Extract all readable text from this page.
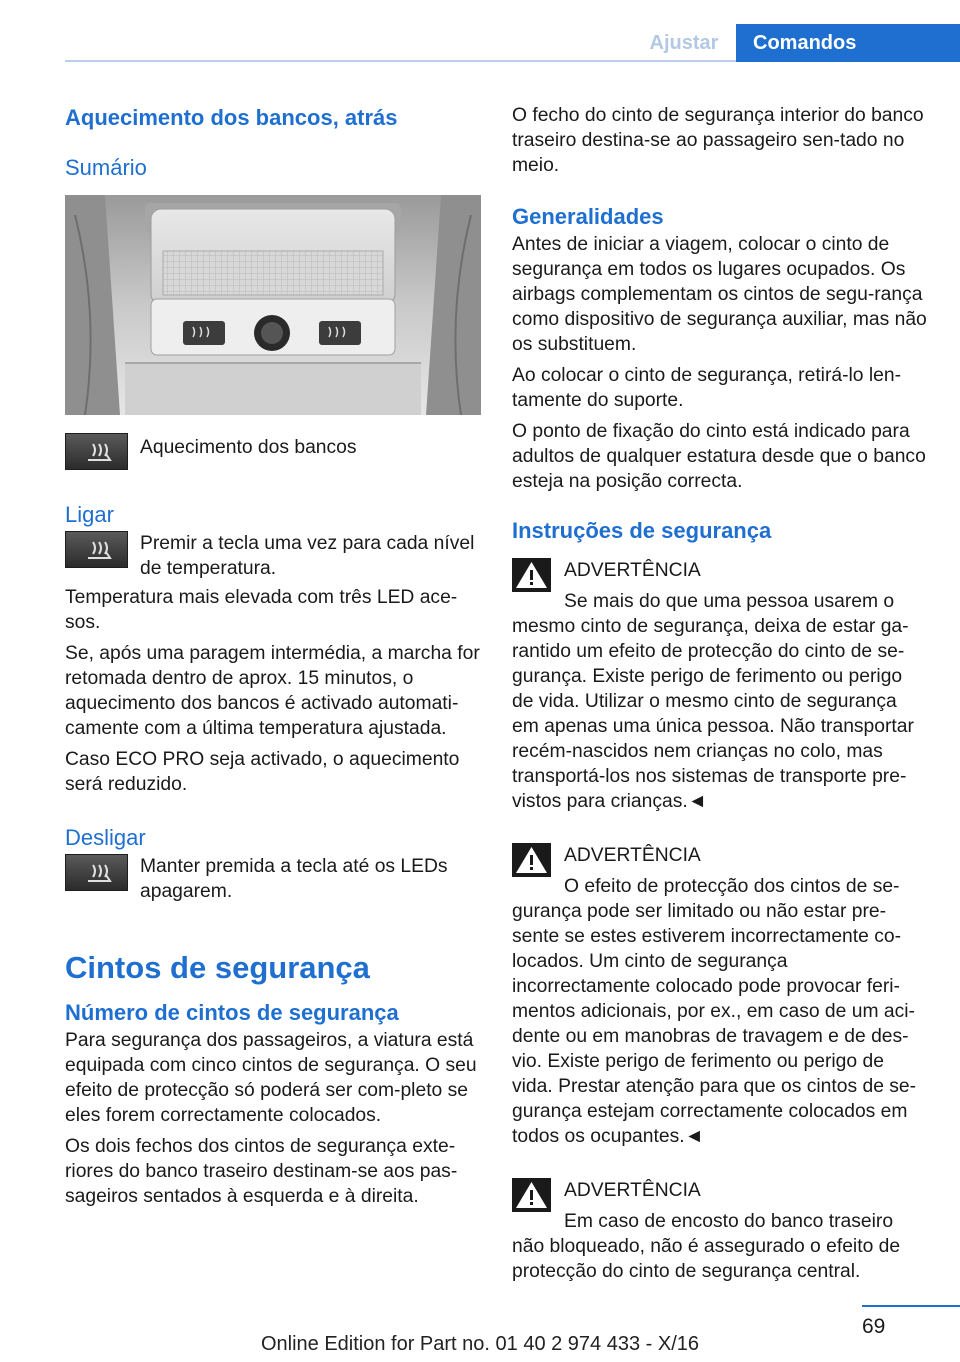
Ajustar	Comandos
Aquecimento dos bancos, atrás
Sumário

Aquecimento dos bancos

Ligar

Premir a tecla uma vez para cada nível de temperatura.

Temperatura mais elevada com três LED ace-sos.

Se, após uma paragem intermédia, a marcha for retomada dentro de aprox. 15 minutos, o aquecimento dos bancos é activado automati-camente com a última temperatura ajustada.

Caso ECO PRO seja activado, o aquecimento será reduzido.

Desligar

Manter premida a tecla até os LEDs apagarem.

Cintos de segurança
Número de cintos de segurança

Para segurança dos passageiros, a viatura está equipada com cinco cintos de segurança. O seu efeito de protecção só poderá ser com-pleto se eles forem correctamente colocados.

Os dois fechos dos cintos de segurança exte-riores do banco traseiro destinam-se aos pas-sageiros sentados à esquerda e à direita.

O fecho do cinto de segurança interior do banco traseiro destina-se ao passageiro sen-tado no meio.

Generalidades

Antes de iniciar a viagem, colocar o cinto de segurança em todos os lugares ocupados. Os airbags complementam os cintos de segu-rança como dispositivo de segurança auxiliar, mas não os substituem.

Ao colocar o cinto de segurança, retirá-lo len-tamente do suporte.

O ponto de fixação do cinto está indicado para adultos de qualquer estatura desde que o banco esteja na posição correcta.

Instruções de segurança

ADVERTÊNCIA

Se mais do que uma pessoa usarem o

mesmo cinto de segurança, deixa de estar ga-rantido um efeito de protecção do cinto de se-gurança. Existe perigo de ferimento ou perigo de vida. Utilizar o mesmo cinto de segurança em apenas uma única pessoa. Não transportar recém-nascidos nem crianças no colo, mas transportá-los nos sistemas de transporte pre-vistos para crianças.◄

ADVERTÊNCIA

O efeito de protecção dos cintos de se-

gurança pode ser limitado ou não estar pre-sente se estes estiverem incorrectamente co-locados. Um cinto de segurança incorrectamente colocado pode provocar feri-mentos adicionais, por ex., em caso de um aci-dente ou em manobras de travagem e de des-vio. Existe perigo de ferimento ou perigo de vida. Prestar atenção para que os cintos de se-gurança estejam correctamente colocados em todos os ocupantes.◄

ADVERTÊNCIA

Em caso de encosto do banco traseiro

não bloqueado, não é assegurado o efeito de protecção do cinto de segurança central.

69
Online Edition for Part no. 01 40 2 974 433 - X/16
